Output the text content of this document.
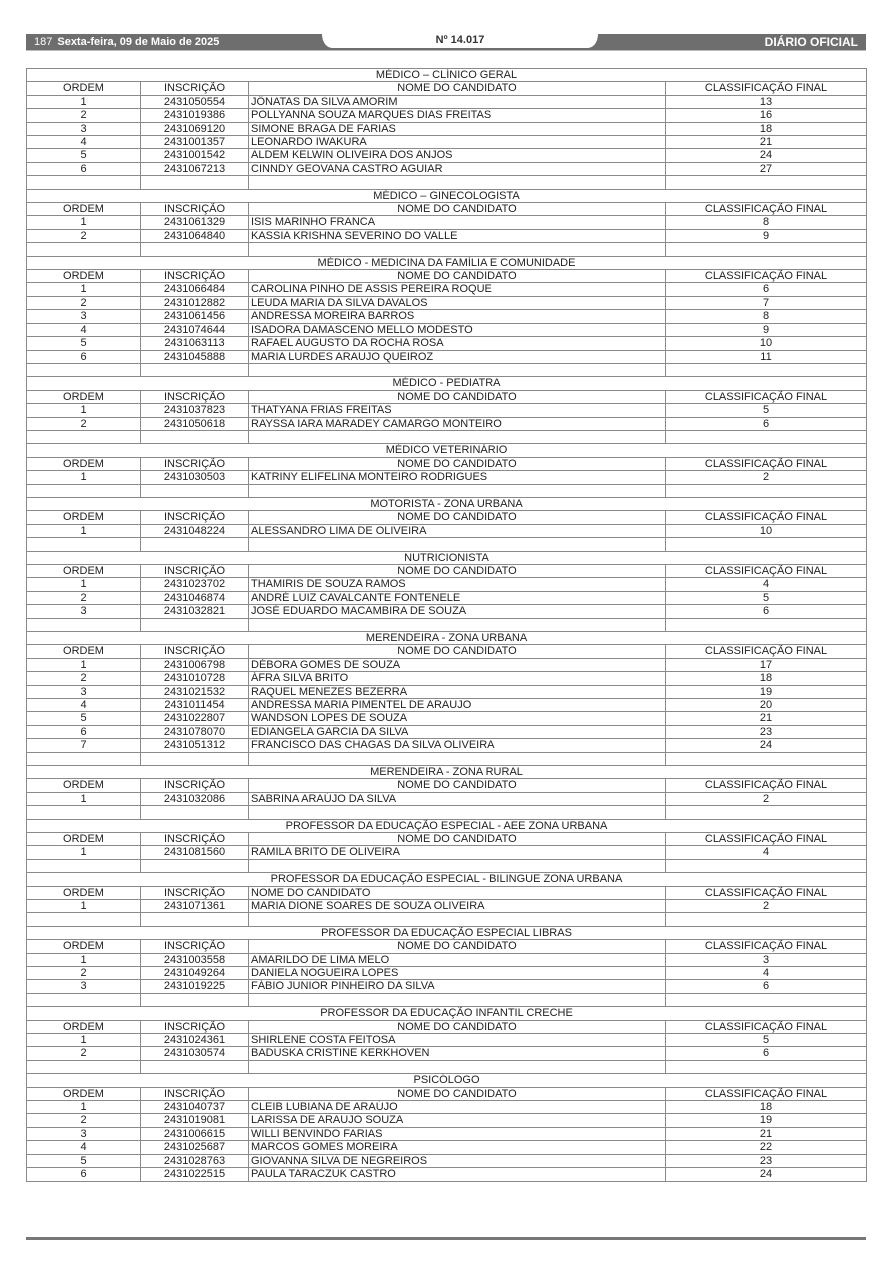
187 Sexta-feira, 09 de Maio de 2025	Nº 14.017	DIÁRIO OFICIAL
MÉDICO – CLÍNICO GERAL			
ORDEM	INSCRIÇÃO	NOME DO CANDIDATO	CLASSIFICAÇÃO FINAL
1	2431050554	JÔNATAS DA SILVA AMORIM	13
2	2431019386	POLLYANNA SOUZA MARQUES DIAS FREITAS	16
3	2431069120	SIMONE BRAGA DE FARIAS	18
4	2431001357	LEONARDO IWAKURA	21
5	2431001542	ALDEM KELWIN OLIVEIRA DOS ANJOS	24
6	2431067213	CINNDY GEOVANA CASTRO AGUIAR	27

MÉDICO – GINECOLOGISTA			
ORDEM	INSCRIÇÃO	NOME DO CANDIDATO	CLASSIFICAÇÃO FINAL
1	2431061329	ISIS MARINHO FRANCA	8
2	2431064840	KASSIA KRISHNA SEVERINO DO VALLE	9

MÉDICO - MEDICINA DA FAMÍLIA E COMUNIDADE			
ORDEM	INSCRIÇÃO	NOME DO CANDIDATO	CLASSIFICAÇÃO FINAL
1	2431066484	CAROLINA PINHO DE ASSIS PEREIRA ROQUE	6
2	2431012882	LEUDA MARIA DA SILVA DAVALOS	7
3	2431061456	ANDRESSA MOREIRA BARROS	8
4	2431074644	ISADORA DAMASCENO MELLO MODESTO	9
5	2431063113	RAFAEL AUGUSTO DA ROCHA ROSA	10
6	2431045888	MARIA LURDES ARAUJO QUEIROZ	11

MÉDICO - PEDIATRA			
ORDEM	INSCRIÇÃO	NOME DO CANDIDATO	CLASSIFICAÇÃO FINAL
1	2431037823	THATYANA FRIAS FREITAS	5
2	2431050618	RAYSSA IARA MARADEY CAMARGO MONTEIRO	6

MÉDICO VETERINÁRIO			
ORDEM	INSCRIÇÃO	NOME DO CANDIDATO	CLASSIFICAÇÃO FINAL
1	2431030503	KATRINY ELIFELINA MONTEIRO RODRIGUES	2

MOTORISTA - ZONA URBANA			
ORDEM	INSCRIÇÃO	NOME DO CANDIDATO	CLASSIFICAÇÃO FINAL
1	2431048224	ALESSANDRO LIMA DE OLIVEIRA	10

NUTRICIONISTA			
ORDEM	INSCRIÇÃO	NOME DO CANDIDATO	CLASSIFICAÇÃO FINAL
1	2431023702	THAMIRIS DE SOUZA RAMOS	4
2	2431046874	ANDRÉ LUIZ CAVALCANTE FONTENELE	5
3	2431032821	JOSÉ EDUARDO MACAMBIRA DE SOUZA	6

MERENDEIRA - ZONA URBANA			
ORDEM	INSCRIÇÃO	NOME DO CANDIDATO	CLASSIFICAÇÃO FINAL
1	2431006798	DÉBORA GOMES DE SOUZA	17
2	2431010728	ÁFRA SILVA BRITO	18
3	2431021532	RAQUEL MENEZES BEZERRA	19
4	2431011454	ANDRESSA MARIA PIMENTEL DE ARAUJO	20
5	2431022807	WANDSON LOPES DE SOUZA	21
6	2431078070	EDIANGELA GARCIA DA SILVA	23
7	2431051312	FRANCISCO DAS CHAGAS DA SILVA OLIVEIRA	24

MERENDEIRA - ZONA RURAL			
ORDEM	INSCRIÇÃO	NOME DO CANDIDATO	CLASSIFICAÇÃO FINAL
1	2431032086	SABRINA ARAÚJO DA SILVA	2

PROFESSOR DA EDUCAÇÃO ESPECIAL - AEE ZONA URBANA			
ORDEM	INSCRIÇÃO	NOME DO CANDIDATO	CLASSIFICAÇÃO FINAL
1	2431081560	RAMILA BRITO DE OLIVEIRA	4

PROFESSOR DA EDUCAÇÃO ESPECIAL - BILINGUE ZONA URBANA			
ORDEM	INSCRIÇÃO	NOME DO CANDIDATO	CLASSIFICAÇÃO FINAL
1	2431071361	MARIA DIONE SOARES DE SOUZA OLIVEIRA	2

PROFESSOR DA EDUCAÇÃO ESPECIAL LIBRAS			
ORDEM	INSCRIÇÃO	NOME DO CANDIDATO	CLASSIFICAÇÃO FINAL
1	2431003558	AMARILDO DE LIMA MELO	3
2	2431049264	DANIELA NOGUEIRA LOPES	4
3	2431019225	FÁBIO JUNIOR PINHEIRO DA SILVA	6

PROFESSOR DA EDUCAÇÃO INFANTIL CRECHE			
ORDEM	INSCRIÇÃO	NOME DO CANDIDATO	CLASSIFICAÇÃO FINAL
1	2431024361	SHIRLENE COSTA FEITOSA	5
2	2431030574	BADUSKA CRISTINE KERKHOVEN	6

PSICÓLOGO			
ORDEM	INSCRIÇÃO	NOME DO CANDIDATO	CLASSIFICAÇÃO FINAL
1	2431040737	CLEIB LUBIANA DE ARAÚJO	18
2	2431019081	LARISSA DE ARAUJO SOUZA	19
3	2431006615	WILLI BENVINDO FARIAS	21
4	2431025687	MARCOS GOMES MOREIRA	22
5	2431028763	GIOVANNA SILVA DE NEGREIROS	23
6	2431022515	PAULA TARACZUK CASTRO	24
